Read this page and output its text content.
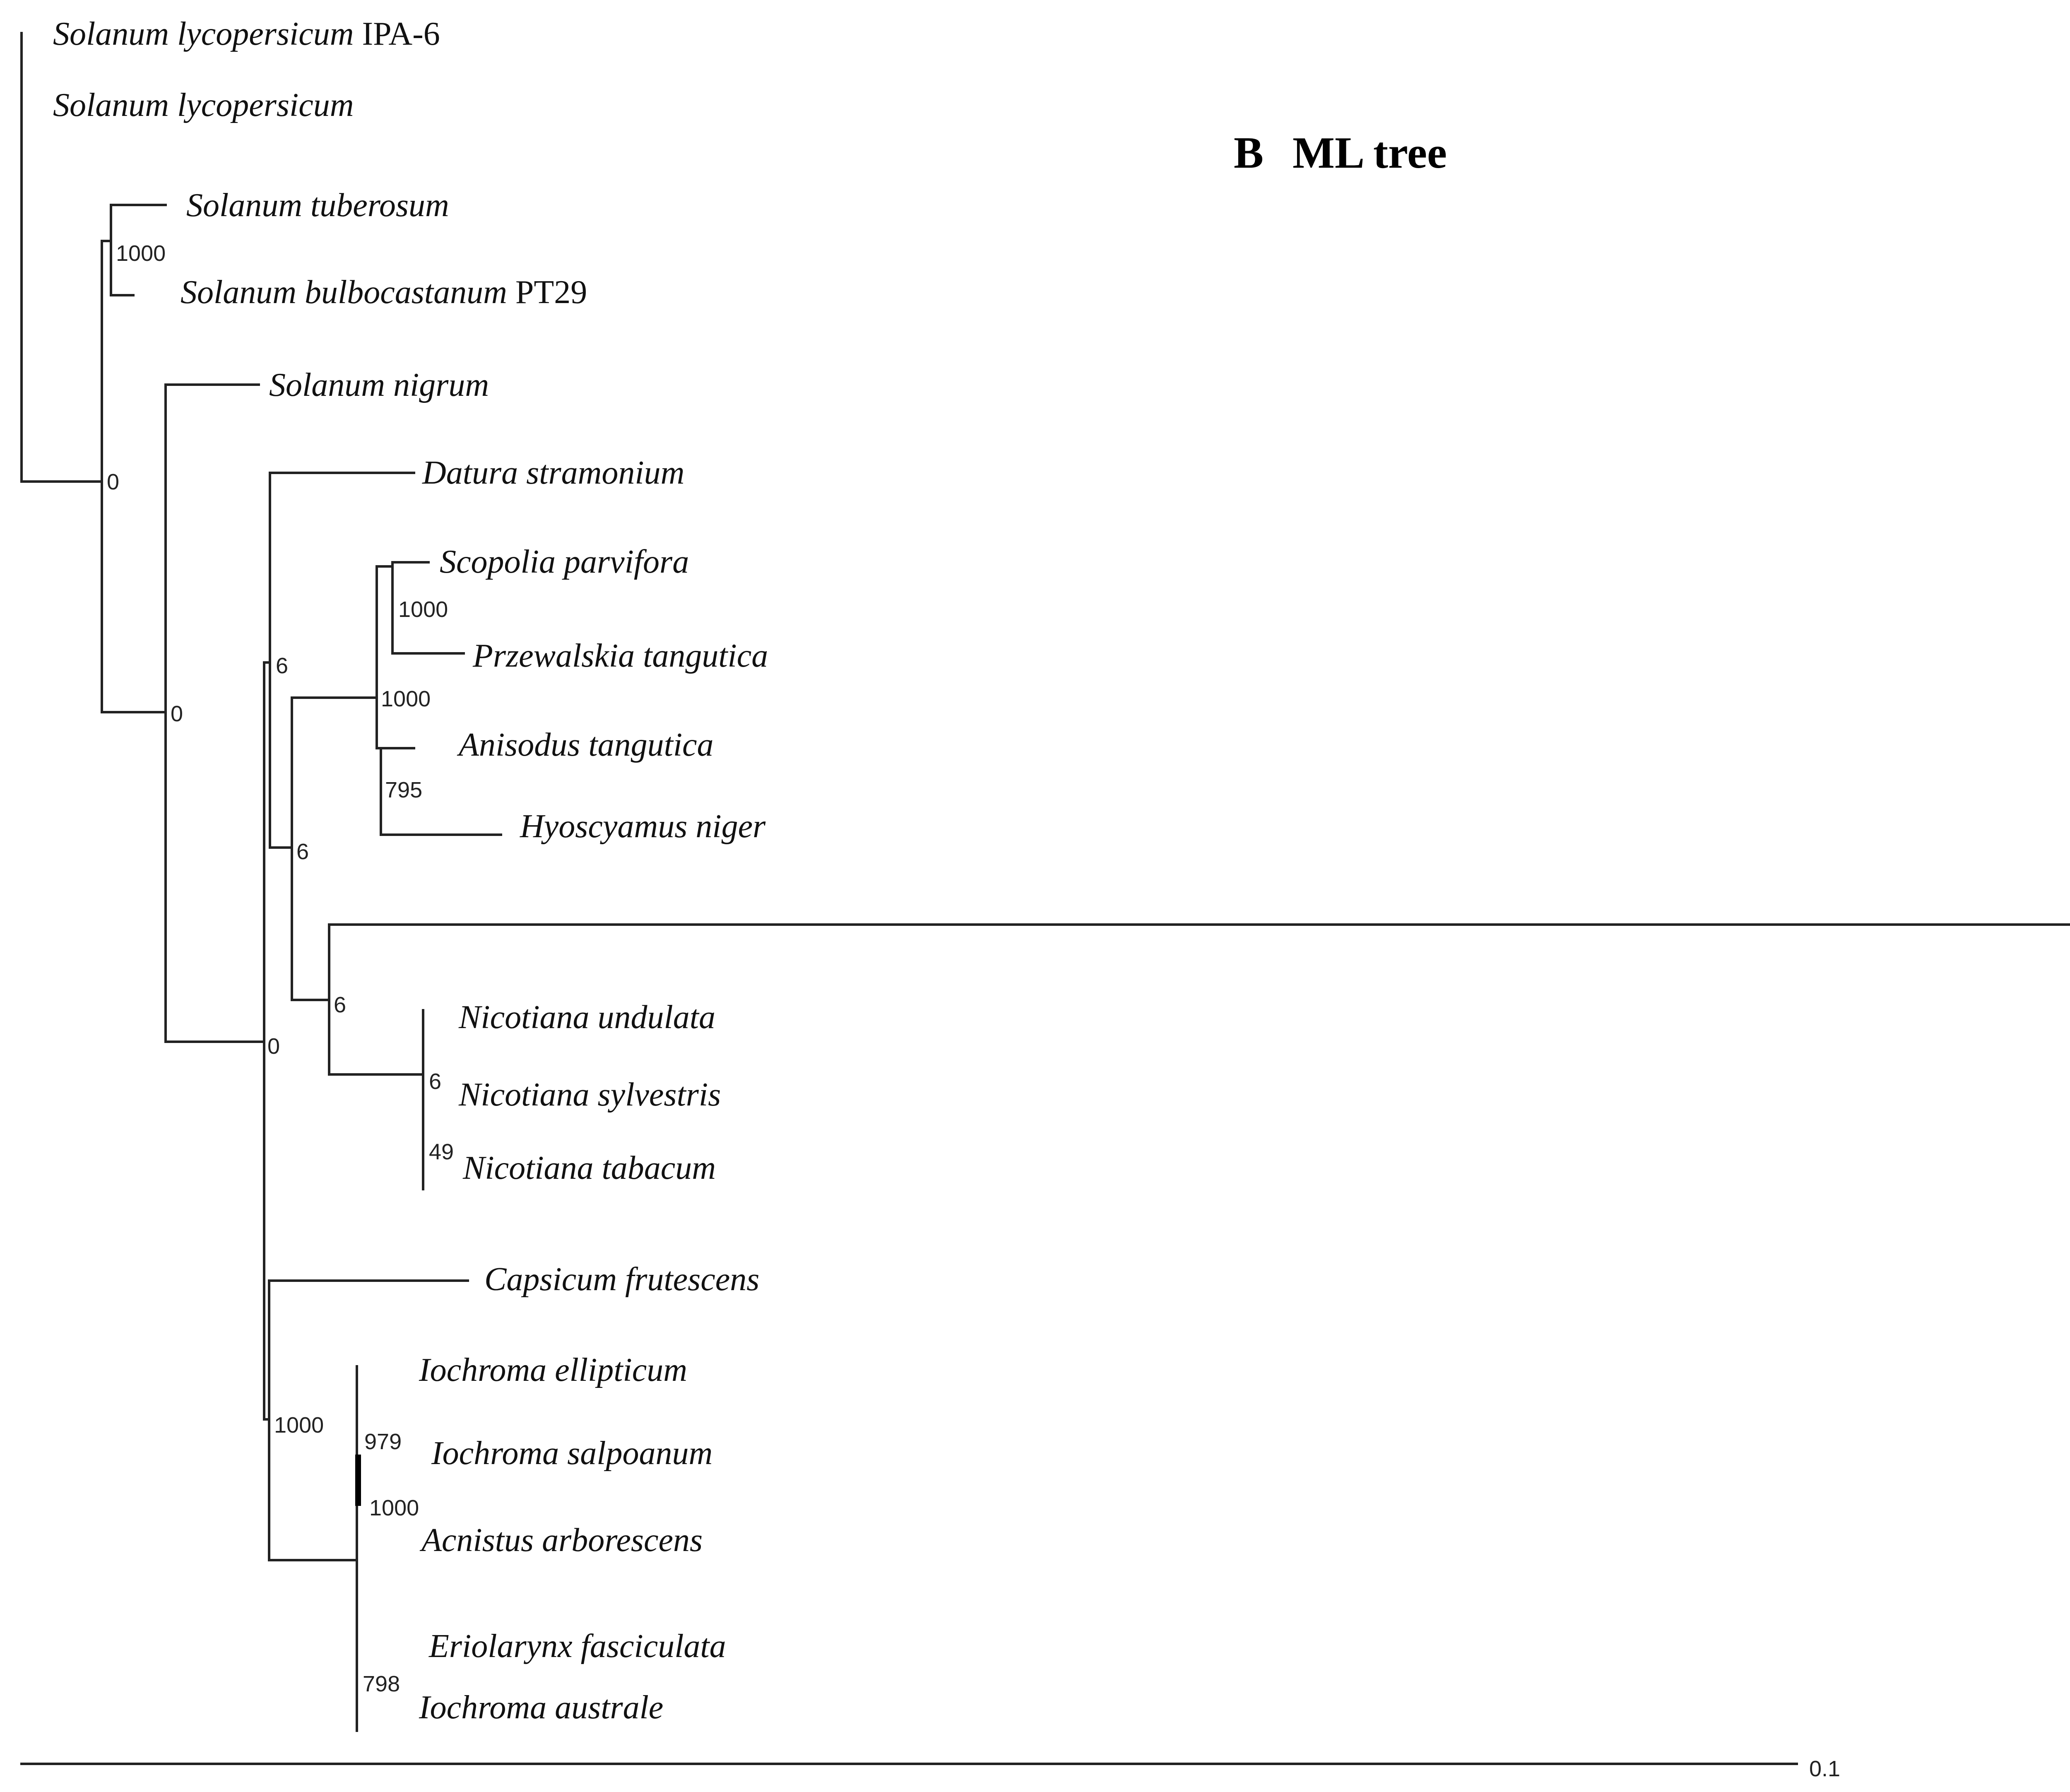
B ML tree
1000
0
0
6
6
1000
1000
795
6
6
49
0
1000
979
1000
798
Solanum lycopersicum IPA-6
Solanum lycopersicum
Solanum tuberosum
Solanum bulbocastanum PT29
Solanum nigrum
Datura stramonium
Scopolia parvifora
Przewalskia tangutica
Anisodus tangutica
Hyoscyamus niger
Nicotiana undulata
Nicotiana sylvestris
Nicotiana tabacum
Capsicum frutescens
Iochroma ellipticum
Iochroma salpoanum
Acnistus arborescens
Eriolarynx fasciculata
Iochroma australe
0.1
